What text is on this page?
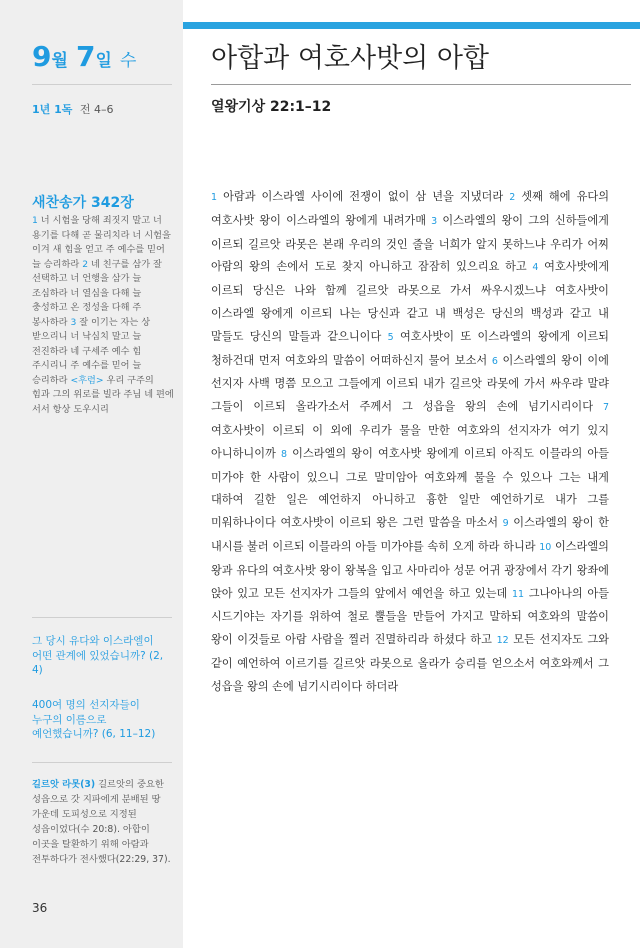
9월 7일 수
1년 1독 전 4–6
새찬송가 342장
1 너 시험을 당해 죄짓지 말고 너 용기를 다해 곧 물리치라 너 시험을 이겨 새 힘을 얻고 주 예수를 믿어 늘 승리하라 2 네 친구를 삼가 잘 선택하고 너 언행을 삼가 늘 조심하라 너 열심을 다해 늘 충성하고 온 정성을 다해 주 봉사하라 3 잘 이기는 자는 상 받으리니 너 낙심치 말고 늘 전진하라 네 구세주 예수 힘 주시리니 주 예수를 믿어 늘 승리하라 <후렴> 우리 구주의 힘과 그의 위로를 빌라 주님 네 편에 서서 항상 도우시리
그 당시 유다와 이스라엘이 어떤 관계에 있었습니까? (2, 4)
400여 명의 선지자들이 누구의 이름으로 예언했습니까? (6, 11–12)
길르앗 라못(3) 길르앗의 중요한 성읍으로 갓 지파에게 분배된 땅 가운데 도피성으로 지정된 성읍이었다(수 20:8). 아합이 이곳을 탈환하기 위해 아람과 전투하다가 전사했다(22:29, 37).
36
아합과 여호사밧의 아합
열왕기상 22:1–12
1 아람과 이스라엘 사이에 전쟁이 없이 삼 년을 지냈더라 2 셋째 해에 유다의 여호사밧 왕이 이스라엘의 왕에게 내려가매 3 이스라엘의 왕이 그의 신하들에게 이르되 길르앗 라못은 본래 우리의 것인 줄을 너희가 알지 못하느냐 우리가 어찌 아람의 왕의 손에서 도로 찾지 아니하고 잠잠히 있으리요 하고 4 여호사밧에게 이르되 당신은 나와 함께 길르앗 라못으로 가서 싸우시겠느냐 여호사밧이 이스라엘 왕에게 이르되 나는 당신과 같고 내 백성은 당신의 백성과 같고 내 말들도 당신의 말들과 같으니이다 5 여호사밧이 또 이스라엘의 왕에게 이르되 청하건대 먼저 여호와의 말씀이 어떠하신지 물어 보소서 6 이스라엘의 왕이 이에 선지자 사백 명쯤 모으고 그들에게 이르되 내가 길르앗 라못에 가서 싸우랴 말랴 그들이 이르되 올라가소서 주께서 그 성읍을 왕의 손에 넘기시리이다 7 여호사밧이 이르되 이 외에 우리가 물을 만한 여호와의 선지자가 여기 있지 아니하니이까 8 이스라엘의 왕이 여호사밧 왕에게 이르되 아직도 이믈라의 아들 미가야 한 사람이 있으니 그로 말미암아 여호와께 물을 수 있으나 그는 내게 대하여 길한 일은 예언하지 아니하고 흉한 일만 예언하기로 내가 그를 미워하나이다 여호사밧이 이르되 왕은 그런 말씀을 마소서 9 이스라엘의 왕이 한 내시를 불러 이르되 이믈라의 아들 미가야를 속히 오게 하라 하니라 10 이스라엘의 왕과 유다의 여호사밧 왕이 왕복을 입고 사마리아 성문 어귀 광장에서 각기 왕좌에 앉아 있고 모든 선지자가 그들의 앞에서 예언을 하고 있는데 11 그나아나의 아들 시드기야는 자기를 위하여 철로 뿔들을 만들어 가지고 말하되 여호와의 말씀이 왕이 이것들로 아람 사람을 찔러 진멸하리라 하셨다 하고 12 모든 선지자도 그와 같이 예언하여 이르기를 길르앗 라못으로 올라가 승리를 얻으소서 여호와께서 그 성읍을 왕의 손에 넘기시리이다 하더라
